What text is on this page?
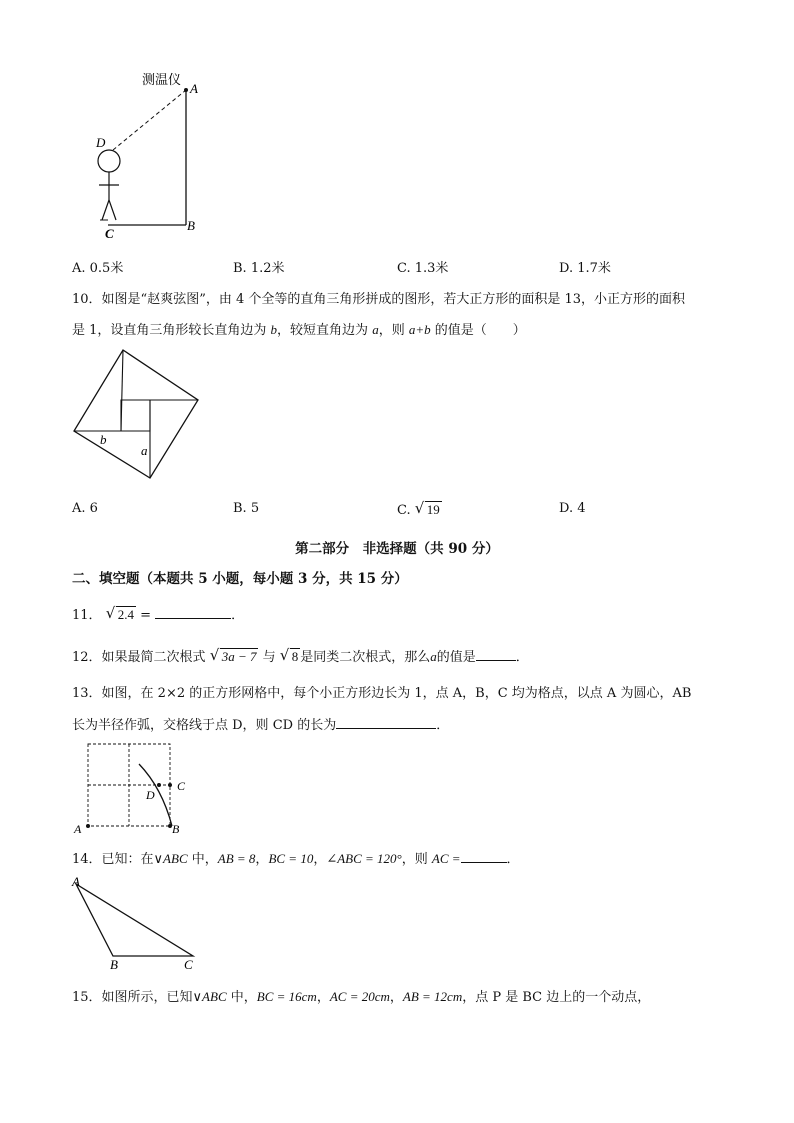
测温仪
A
B
D
C
A. 0.5米	B. 1.2米	C. 1.3米	D. 1.7米
10．如图是“赵爽弦图”，由 4 个全等的直角三角形拼成的图形，若大正方形的面积是 13，小正方形的面积
是 1，设直角三角形较长直角边为 b，较短直角边为 a，则 a+b 的值是（　　）
b
a
A. 6	B. 5	C. √ 19	D. 4
第二部分　非选择题（共 90 分）
二、填空题（本题共 5 小题，每小题 3 分，共 15 分）
11． √ 2.4 =	．
12．如果最简二次根式 √ 3a − 7 与 √ 8 是同类二次根式，那么a的值是	．
13．如图，在 2×2 的正方形网格中，每个小正方形边长为 1，点 A，B，C 均为格点，以点 A 为圆心，AB
长为半径作弧，交格线于点 D，则 CD 的长为	．
D
C
A	B
14．已知：在∨ABC 中，AB = 8，BC = 10，∠ABC = 120°，则 AC =	．
A
B	C
15．如图所示，已知∨ABC 中，BC = 16cm，AC = 20cm，AB = 12cm，点 P 是 BC 边上的一个动点，
